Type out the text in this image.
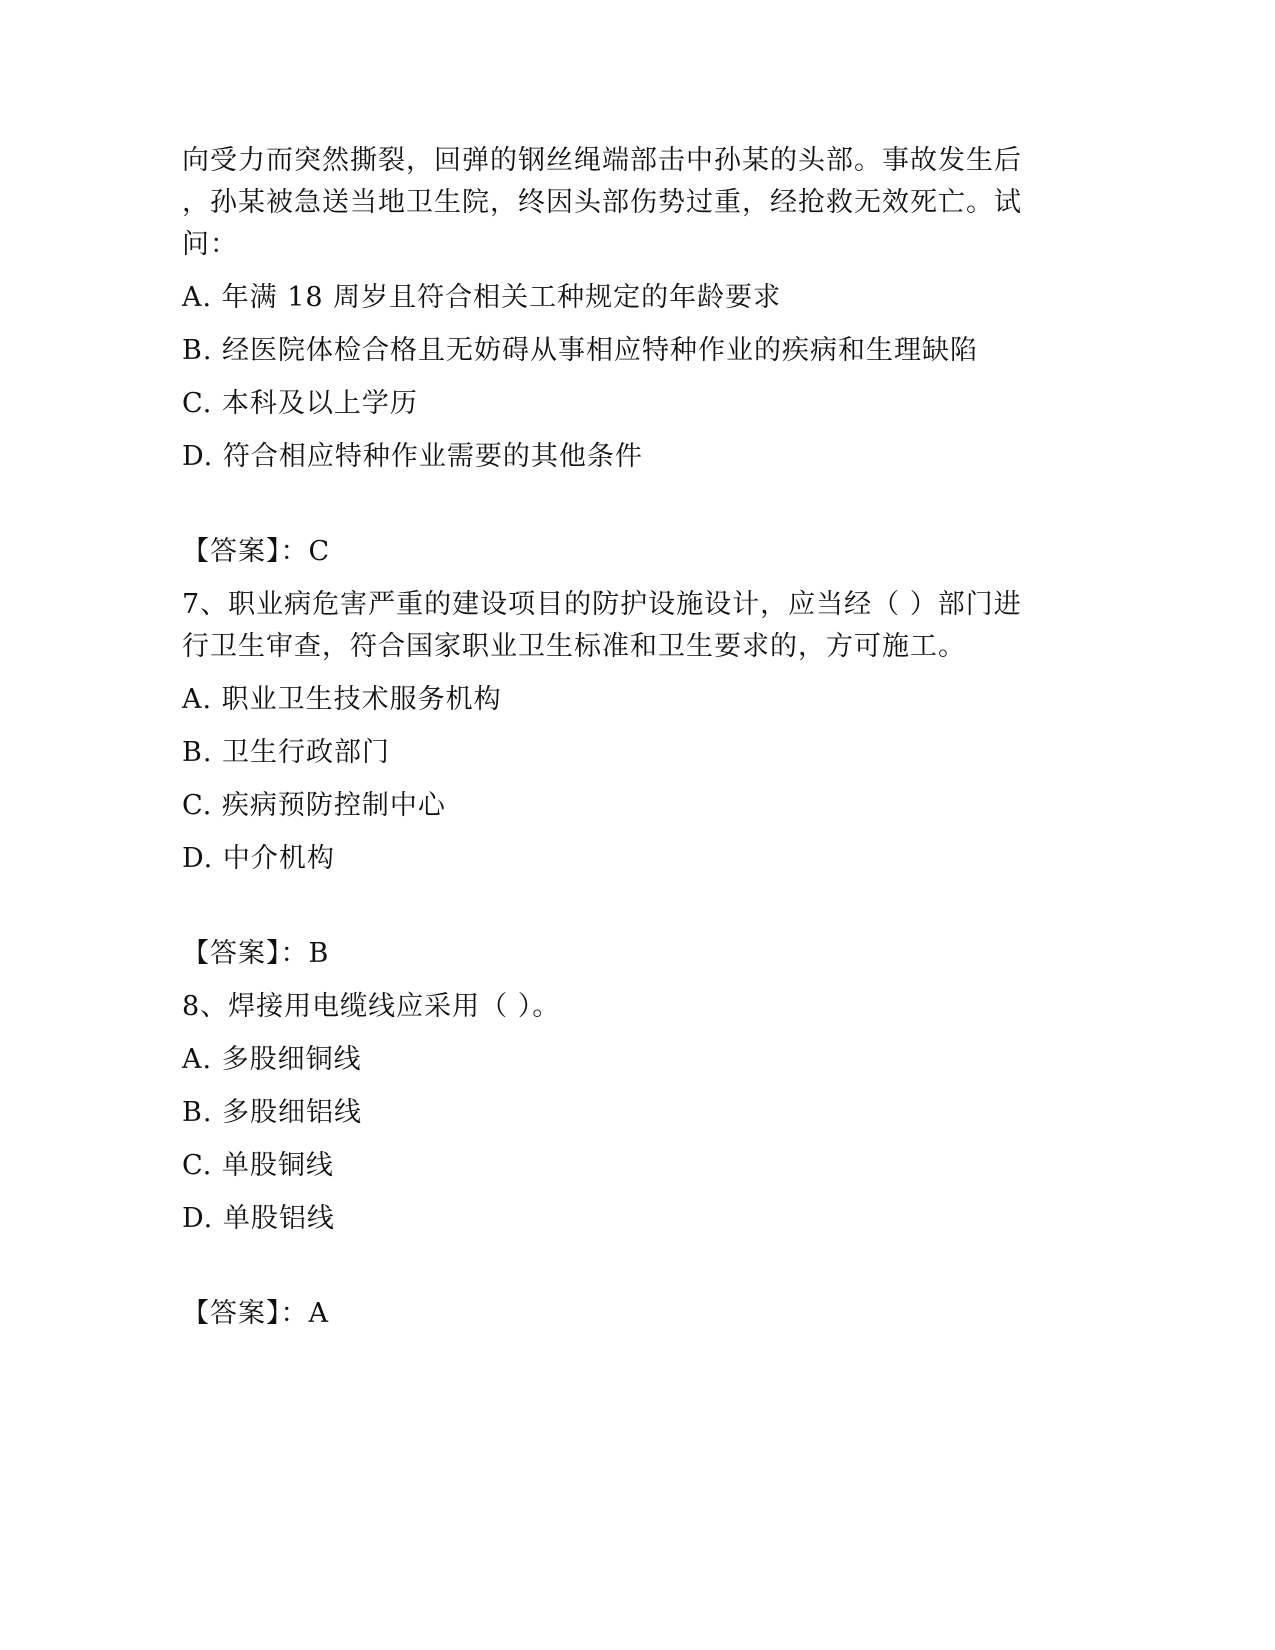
向受力而突然撕裂，回弹的钢丝绳端部击中孙某的头部。事故发生后
，孙某被急送当地卫生院，终因头部伤势过重，经抢救无效死亡。试
问：
A. 年满 18 周岁且符合相关工种规定的年龄要求
B. 经医院体检合格且无妨碍从事相应特种作业的疾病和生理缺陷
C. 本科及以上学历
D. 符合相应特种作业需要的其他条件
【答案】：C
7、职业病危害严重的建设项目的防护设施设计，应当经（ ）部门进
行卫生审查，符合国家职业卫生标准和卫生要求的，方可施工。
A. 职业卫生技术服务机构
B. 卫生行政部门
C. 疾病预防控制中心
D. 中介机构
【答案】：B
8、焊接用电缆线应采用（ ）。
A. 多股细铜线
B. 多股细铝线
C. 单股铜线
D. 单股铝线
【答案】：A
